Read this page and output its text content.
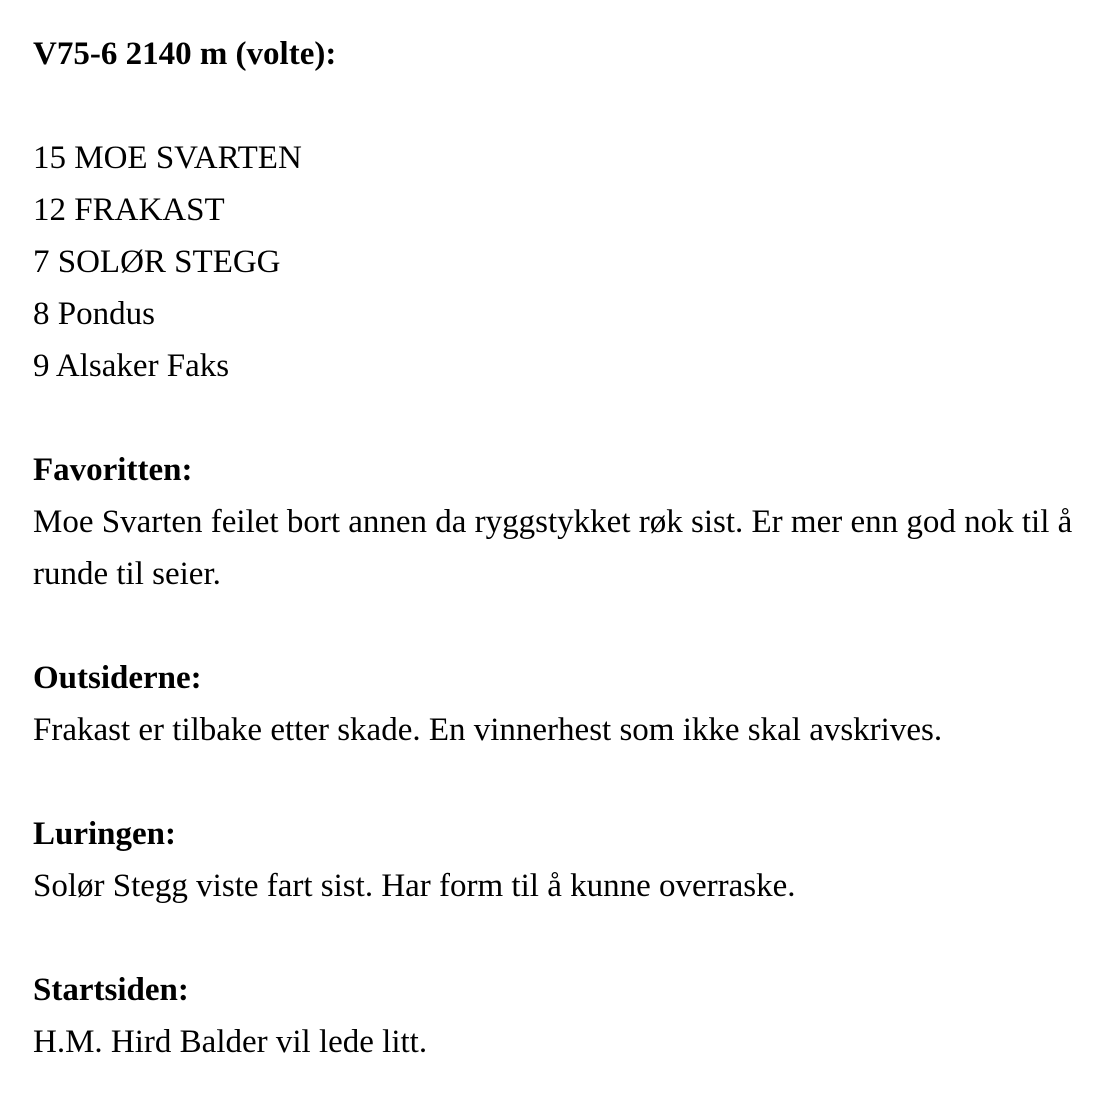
V75-6 2140 m (volte):

15 MOE SVARTEN

12 FRAKAST

7 SOLØR STEGG

8 Pondus

9 Alsaker Faks

Favoritten:

Moe Svarten feilet bort annen da ryggstykket røk sist. Er mer enn god nok til å runde til seier.

Outsiderne:

Frakast er tilbake etter skade. En vinnerhest som ikke skal avskrives.

Luringen:

Solør Stegg viste fart sist. Har form til å kunne overraske.

Startsiden:

H.M. Hird Balder vil lede litt.
